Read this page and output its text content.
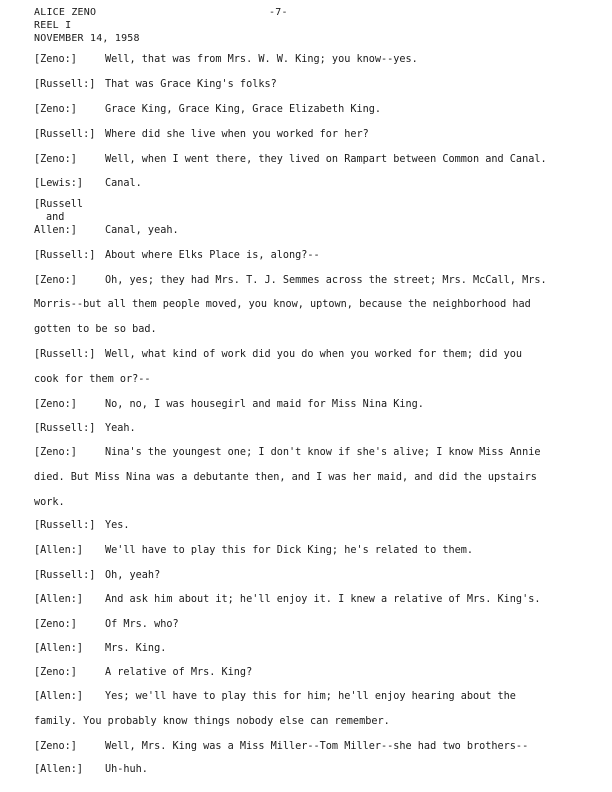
ALICE ZENO
REEL I
NOVEMBER 14, 1958
-7-
[Zeno:]	Well, that was from Mrs. W. W. King; you know--yes.
[Russell:] That was Grace King's folks?
[Zeno:]	Grace King, Grace King, Grace Elizabeth King.
[Russell:] Where did she live when you worked for her?
[Zeno:]	Well, when I went there, they lived on Rampart between Common and Canal.
[Lewis:] Canal.
[Russell
and
Allen:]	Canal, yeah.
[Russell:] About where Elks Place is, along?--
[Zeno:]	Oh, yes; they had Mrs. T. J. Semmes across the street; Mrs. McCall, Mrs.
Morris--but all them people moved, you know, uptown, because the neighborhood had
gotten to be so bad.
[Russell:] Well, what kind of work did you do when you worked for them; did you
cook for them or?--
[Zeno:]	No, no, I was housegirl and maid for Miss Nina King.
[Russell:] Yeah.
[Zeno:]	Nina's the youngest one; I don't know if she's alive; I know Miss Annie
died. But Miss Nina was a debutante then, and I was her maid, and did the upstairs
work.
[Russell:] Yes.
[Allen:] We'll have to play this for Dick King; he's related to them.
[Russell:] Oh, yeah?
[Allen:] And ask him about it; he'll enjoy it. I knew a relative of Mrs. King's.
[Zeno:]	Of Mrs. who?
[Allen:] Mrs. King.
[Zeno:]	A relative of Mrs. King?
[Allen:] Yes; we'll have to play this for him; he'll enjoy hearing about the
family. You probably know things nobody else can remember.
[Zeno:]	Well, Mrs. King was a Miss Miller--Tom Miller--she had two brothers--
[Allen:] Uh-huh.
